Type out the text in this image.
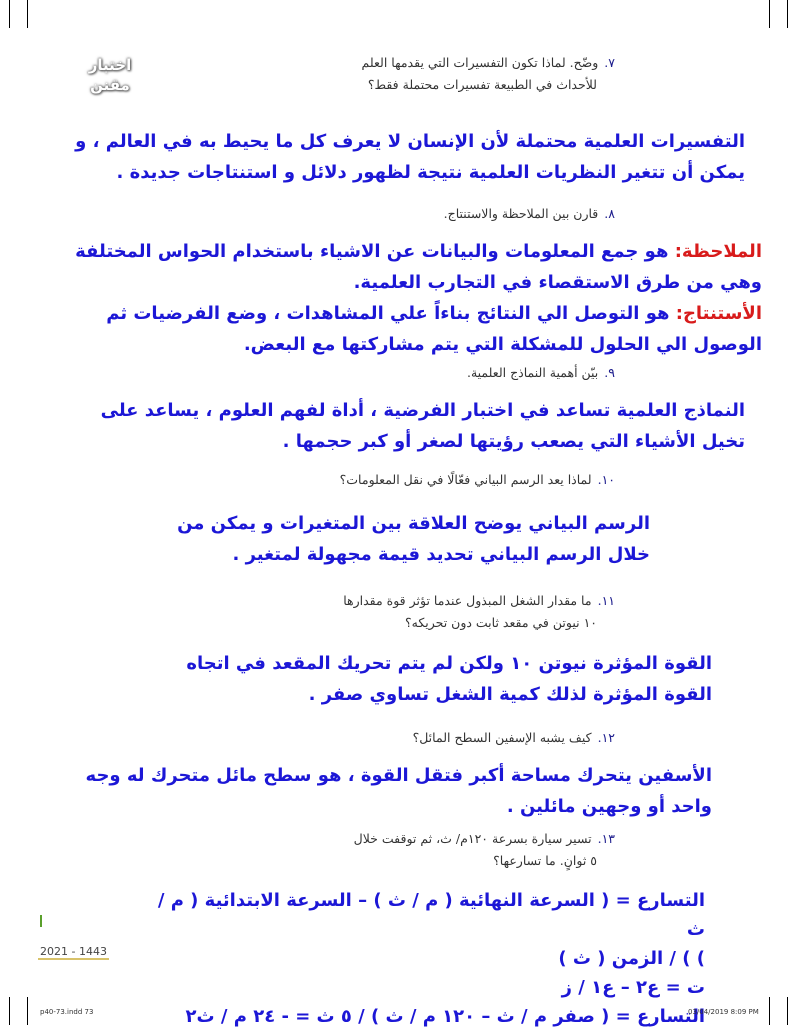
اختبار
مقنن
٧.وضّح. لماذا تكون التفسيرات التي يقدمها العلم
للأحداث في الطبيعة تفسيرات محتملة فقط؟
التفسيرات العلمية محتملة لأن الإنسان لا يعرف كل ما يحيط به في العالم ، و
يمكن أن تتغير النظريات العلمية نتيجة لظهور دلائل و استنتاجات جديدة .
٨.قارن بين الملاحظة والاستنتاج.
الملاحظة: هو جمع المعلومات والبيانات عن الاشياء باستخدام الحواس المختلفة
وهي من طرق الاستقصاء في التجارب العلمية.
الأستنتاج: هو التوصل الي النتائج بناءاً علي المشاهدات ، وضع الفرضيات ثم
الوصول الي الحلول للمشكلة التي يتم مشاركتها مع البعض.
٩.بيّن أهمية النماذج العلمية.
النماذج العلمية تساعد في اختبار الفرضية ، أداة لفهم العلوم ، يساعد على
تخيل الأشياء التي يصعب رؤيتها لصغر أو كبر حجمها .
١٠.لماذا يعد الرسم البياني فعّالًا في نقل المعلومات؟
الرسم البياني يوضح العلاقة بين المتغيرات و يمكن من
خلال الرسم البياني تحديد قيمة مجهولة لمتغير .
١١.ما مقدار الشغل المبذول عندما تؤثر قوة مقدارها
١٠ نيوتن في مقعد ثابت دون تحريكه؟
القوة المؤثرة نيوتن ١٠ ولكن لم يتم تحريك المقعد في اتجاه
القوة المؤثرة لذلك كمية الشغل تساوي صفر .
١٢.كيف يشبه الإسفين السطح المائل؟
الأسفين يتحرك مساحة أكبر فتقل القوة ، هو سطح مائل متحرك له وجه
واحد أو وجهين مائلين .
١٣.تسير سيارة بسرعة ١٢٠م/ ث، ثم توقفت خلال
٥ ثوانٍ. ما تسارعها؟
التسارع = ( السرعة النهائية ( م / ث ) – السرعة الابتدائية ( م / ث
) ) / الزمن ( ث )
ت = ع٢ – ع١ / ز
التسارع = ( صفر م / ث – ١٢٠ م / ث ) / ٥ ث = - ٢٤ م / ث٢
2021 - 1443
p40-73.indd 73	03/04/2019 8:09 PM
